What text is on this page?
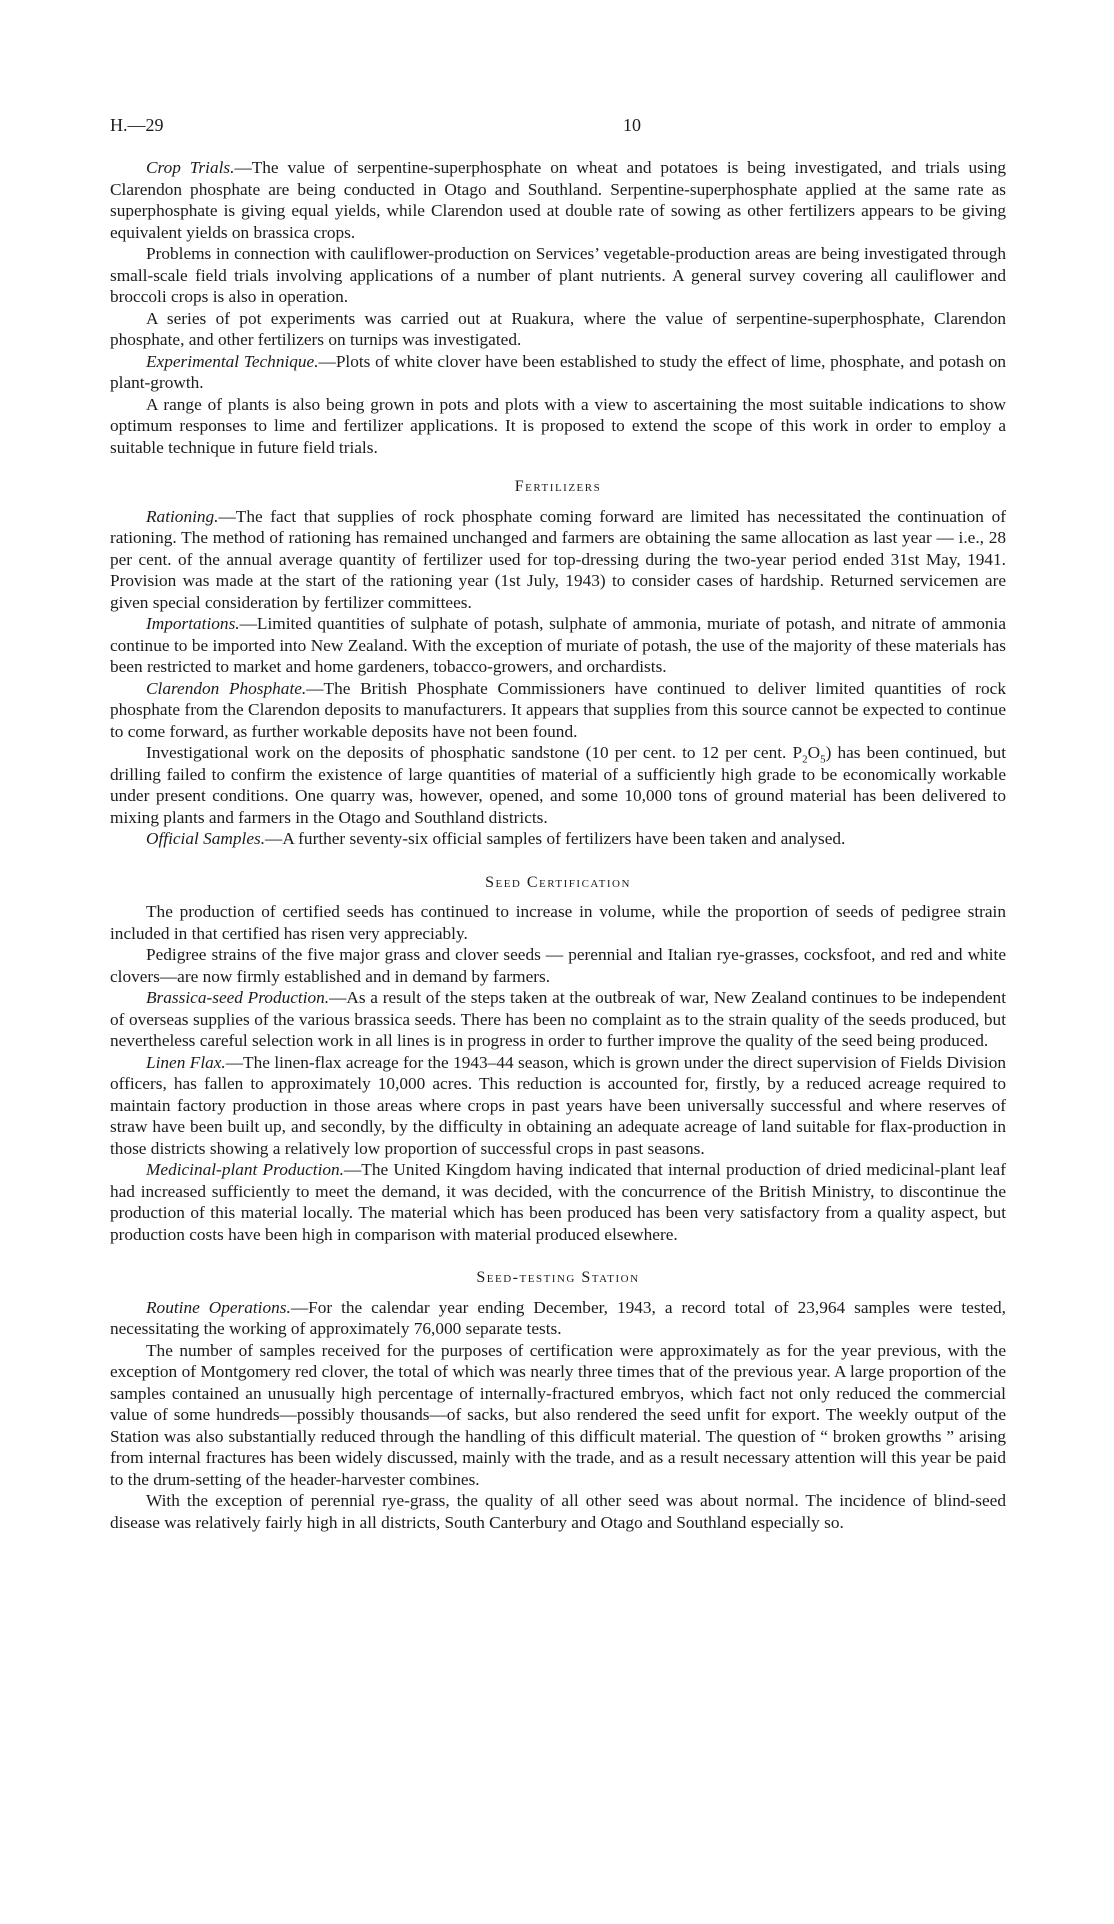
H.—29	10

Crop Trials.—The value of serpentine-superphosphate on wheat and potatoes is being investigated, and trials using Clarendon phosphate are being conducted in Otago and Southland. Serpentine-superphosphate applied at the same rate as superphosphate is giving equal yields, while Clarendon used at double rate of sowing as other fertilizers appears to be giving equivalent yields on brassica crops.

Problems in connection with cauliflower-production on Services’ vegetable-production areas are being investigated through small-scale field trials involving applications of a number of plant nutrients. A general survey covering all cauliflower and broccoli crops is also in operation.

A series of pot experiments was carried out at Ruakura, where the value of serpentine-superphosphate, Clarendon phosphate, and other fertilizers on turnips was investigated.

Experimental Technique.—Plots of white clover have been established to study the effect of lime, phosphate, and potash on plant-growth.

A range of plants is also being grown in pots and plots with a view to ascertaining the most suitable indications to show optimum responses to lime and fertilizer applications. It is proposed to extend the scope of this work in order to employ a suitable technique in future field trials.

Fertilizers

Rationing.—The fact that supplies of rock phosphate coming forward are limited has necessitated the continuation of rationing. The method of rationing has remained unchanged and farmers are obtaining the same allocation as last year — i.e., 28 per cent. of the annual average quantity of fertilizer used for top-dressing during the two-year period ended 31st May, 1941. Provision was made at the start of the rationing year (1st July, 1943) to consider cases of hardship. Returned servicemen are given special consideration by fertilizer committees.

Importations.—Limited quantities of sulphate of potash, sulphate of ammonia, muriate of potash, and nitrate of ammonia continue to be imported into New Zealand. With the exception of muriate of potash, the use of the majority of these materials has been restricted to market and home gardeners, tobacco-growers, and orchardists.

Clarendon Phosphate.—The British Phosphate Commissioners have continued to deliver limited quantities of rock phosphate from the Clarendon deposits to manufacturers. It appears that supplies from this source cannot be expected to continue to come forward, as further workable deposits have not been found.

Investigational work on the deposits of phosphatic sandstone (10 per cent. to 12 per cent. $P_2O_5$) has been continued, but drilling failed to confirm the existence of large quantities of material of a sufficiently high grade to be economically workable under present conditions. One quarry was, however, opened, and some 10,000 tons of ground material has been delivered to mixing plants and farmers in the Otago and Southland districts.

Official Samples.—A further seventy-six official samples of fertilizers have been taken and analysed.

Seed Certification

The production of certified seeds has continued to increase in volume, while the proportion of seeds of pedigree strain included in that certified has risen very appreciably.

Pedigree strains of the five major grass and clover seeds — perennial and Italian rye-grasses, cocksfoot, and red and white clovers—are now firmly established and in demand by farmers.

Brassica-seed Production.—As a result of the steps taken at the outbreak of war, New Zealand continues to be independent of overseas supplies of the various brassica seeds. There has been no complaint as to the strain quality of the seeds produced, but nevertheless careful selection work in all lines is in progress in order to further improve the quality of the seed being produced.

Linen Flax.—The linen-flax acreage for the 1943–44 season, which is grown under the direct supervision of Fields Division officers, has fallen to approximately 10,000 acres. This reduction is accounted for, firstly, by a reduced acreage required to maintain factory production in those areas where crops in past years have been universally successful and where reserves of straw have been built up, and secondly, by the difficulty in obtaining an adequate acreage of land suitable for flax-production in those districts showing a relatively low proportion of successful crops in past seasons.

Medicinal-plant Production.—The United Kingdom having indicated that internal production of dried medicinal-plant leaf had increased sufficiently to meet the demand, it was decided, with the concurrence of the British Ministry, to discontinue the production of this material locally. The material which has been produced has been very satisfactory from a quality aspect, but production costs have been high in comparison with material produced elsewhere.

Seed-testing Station

Routine Operations.—For the calendar year ending December, 1943, a record total of 23,964 samples were tested, necessitating the working of approximately 76,000 separate tests.

The number of samples received for the purposes of certification were approximately as for the year previous, with the exception of Montgomery red clover, the total of which was nearly three times that of the previous year. A large proportion of the samples contained an unusually high percentage of internally-fractured embryos, which fact not only reduced the commercial value of some hundreds—possibly thousands—of sacks, but also rendered the seed unfit for export. The weekly output of the Station was also substantially reduced through the handling of this difficult material. The question of “ broken growths ” arising from internal fractures has been widely discussed, mainly with the trade, and as a result necessary attention will this year be paid to the drum-setting of the header-harvester combines.

With the exception of perennial rye-grass, the quality of all other seed was about normal. The incidence of blind-seed disease was relatively fairly high in all districts, South Canterbury and Otago and Southland especially so.
